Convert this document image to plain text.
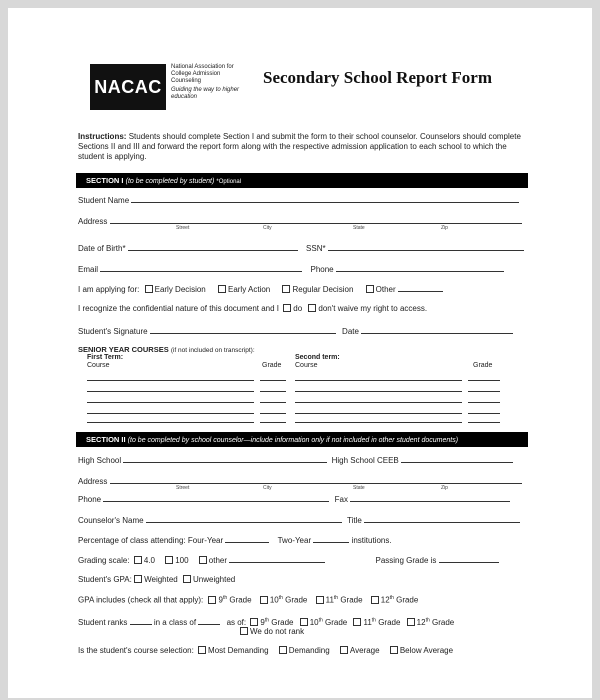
NACAC
National Association for College Admission Counseling
Guiding the way to higher education
Secondary School Report Form
Instructions: Students should complete Section I and submit the form to their school counselor. Counselors should complete Sections II and III and forward the report form along with the respective admission application to each school to which the student is applying.
SECTION I (to be completed by student) *Optional
Student Name
Address
Street	City	State	Zip
Date of Birth*	SSN*
Email	Phone
I am applying for: Early Decision	Early Action	Regular Decision	Other
I recognize the confidential nature of this document and I do don't waive my right to access.
Student's Signature	Date
SENIOR YEAR COURSES (if not included on transcript):
First Term:	Second term:
Course	Grade Course	Grade
SECTION II (to be completed by school counselor—include information only if not included in other student documents)
High School	High School CEEB
Address
Street	City	State	Zip
Phone	Fax
Counselor's Name	Title
Percentage of class attending: Four-Year	Two-Year	institutions.
Grading scale: 4.0	100	other	Passing Grade is
Student's GPA: Weighted Unweighted
GPA includes (check all that apply): 9th Grade 10th Grade 11th Grade 12th Grade
Student ranks	in a class of	as of: 9th Grade 10th Grade 11th Grade 12th Grade
We do not rank
Is the student's course selection: Most Demanding	Demanding	Average	Below Average
